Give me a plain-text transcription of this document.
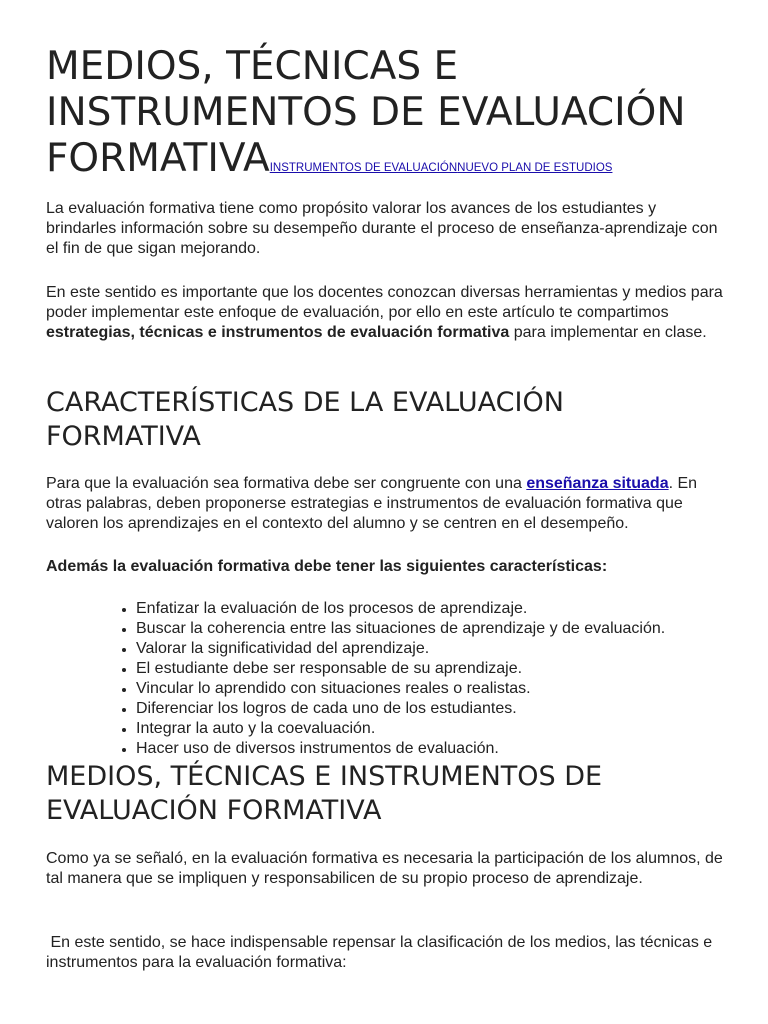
MEDIOS, TÉCNICAS E INSTRUMENTOS DE EVALUACIÓN FORMATIVAINSTRUMENTOS DE EVALUACIÓNNUEVO PLAN DE ESTUDIOS

La evaluación formativa tiene como propósito valorar los avances de los estudiantes y brindarles información sobre su desempeño durante el proceso de enseñanza-aprendizaje con el fin de que sigan mejorando.

En este sentido es importante que los docentes conozcan diversas herramientas y medios para poder implementar este enfoque de evaluación, por ello en este artículo te compartimos estrategias, técnicas e instrumentos de evaluación formativa para implementar en clase.

CARACTERÍSTICAS DE LA EVALUACIÓN FORMATIVA

Para que la evaluación sea formativa debe ser congruente con una enseñanza situada. En otras palabras, deben proponerse estrategias e instrumentos de evaluación formativa que valoren los aprendizajes en el contexto del alumno y se centren en el desempeño.

Además la evaluación formativa debe tener las siguientes características:

• Enfatizar la evaluación de los procesos de aprendizaje.
• Buscar la coherencia entre las situaciones de aprendizaje y de evaluación.
• Valorar la significatividad del aprendizaje.
• El estudiante debe ser responsable de su aprendizaje.
• Vincular lo aprendido con situaciones reales o realistas.
• Diferenciar los logros de cada uno de los estudiantes.
• Integrar la auto y la coevaluación.
• Hacer uso de diversos instrumentos de evaluación.
MEDIOS, TÉCNICAS E INSTRUMENTOS DE EVALUACIÓN FORMATIVA

Como ya se señaló, en la evaluación formativa es necesaria la participación de los alumnos, de tal manera que se impliquen y responsabilicen de su propio proceso de aprendizaje.

En este sentido, se hace indispensable repensar la clasificación de los medios, las técnicas e instrumentos para la evaluación formativa:
